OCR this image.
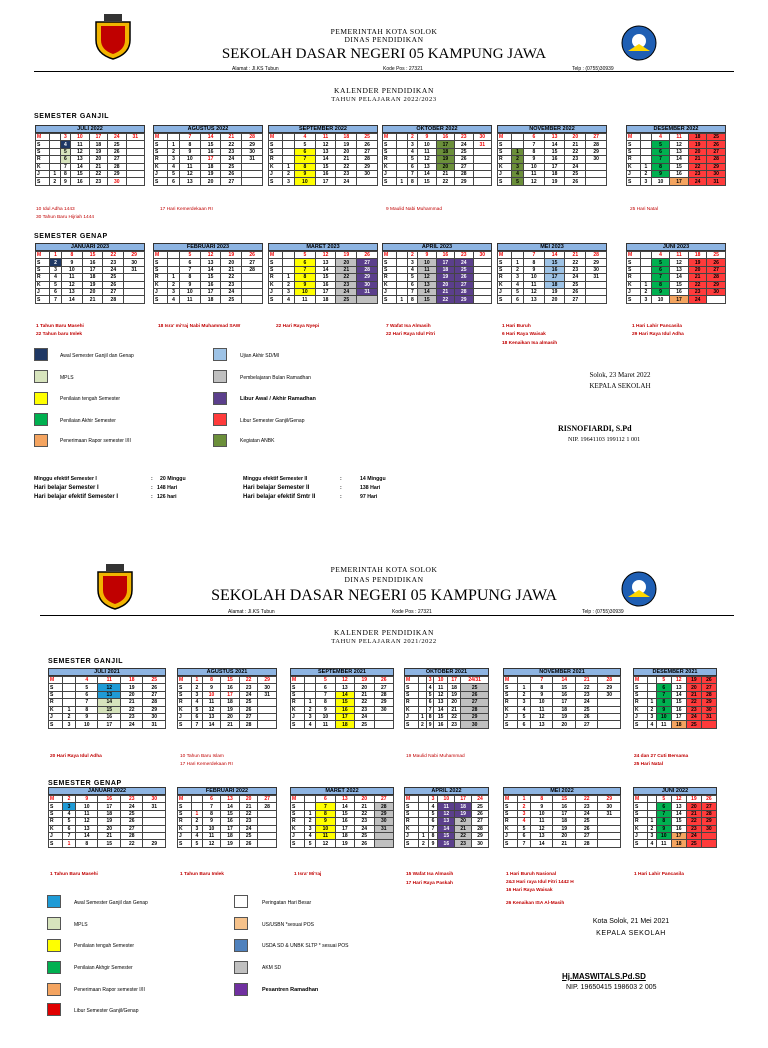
PEMERINTAH KOTA SOLOK
DINAS PENDIDIKAN
SEKOLAH DASAR NEGERI 05 KAMPUNG JAWA
Alamat : Jl.KS Tubun	Kode Pos : 27321	Telp : (0755)30939
KALENDER PENDIDIKAN
TAHUN PELAJARAN 2022/2023
SEMESTER GANJIL
JULI 2022
M		3	10	17	24	31
S		4	11	18	25	
S		5	12	19	26	
R		6	13	20	27	
K		7	14	21	28	
J	1	8	15	22	29	
S	2	9	16	23	30	
AGUSTUS 2022
M		7	14	21	28
S	1	8	15	22	29
S	2	9	16	23	30
R	3	10	17	24	31
K	4	11	18	25	
J	5	12	19	26	
S	6	13	20	27	
SEPTEMBER 2022
M		4	11	18	25
S		5	12	19	26
S		6	13	20	27
R		7	14	21	28
K	1	8	15	22	29
J	2	9	16	23	30
S	3	10	17	24	
OKTOBER 2022
M		2	9	16	23	30
S		3	10	17	24	31
S		4	11	18	25	
R		5	12	19	26	
K		6	13	20	27	
J		7	14	21	28	
S	1	8	15	22	29	
NOVEMBER 2022
M		6	13	20	27
S		7	14	21	28
S	1	8	15	22	29
R	2	9	16	23	30
K	3	10	17	24	
J	4	11	18	25	
S	5	12	19	26	
DESEMBER 2022
M		4	11	18	25
S		5	12	19	26
S		6	13	20	27
R		7	14	21	28
K	1	8	15	22	29
J	2	9	16	23	30
S	3	10	17	24	31
10 Idul Adha 1443
30 Tahun Baru Hijriah 1444
17 Hari Kemerdekaan RI	9 Maulid Nabi Muhammad	25 Hari Natal
SEMESTER GENAP
JANUARI 2023
M	1	8	15	22	29
S	2	9	16	23	30
S	3	10	17	24	31
R	4	11	18	25	
K	5	12	19	26	
J	6	13	20	27	
S	7	14	21	28	
FEBRUARI 2023
M		5	12	19	26
S		6	13	20	27
S		7	14	21	28
R	1	8	15	22	
K	2	9	16	23	
J	3	10	17	24	
S	4	11	18	25	
MARET 2023
M		5	12	19	26
S		6	13	20	27
S		7	14	21	28
R	1	8	15	22	29
K	2	9	16	23	30
J	3	10	17	24	31
S	4	11	18	25	
APRIL 2023
M		2	9	16	23	30
S		3	10	17	24	
S		4	11	18	25	
R		5	12	19	26	
K		6	13	20	27	
J		7	14	21	28	
S	1	8	15	22	29	
MEI 2023
M		7	14	21	28
S	1	8	15	22	29
S	2	9	16	23	30
R	3	10	17	24	31
K	4	11	18	25	
J	5	12	19	26	
S	6	13	20	27	
JUNI 2023
M		4	11	18	25
S		5	12	19	26
S		6	13	20	27
R		7	14	21	28
K	1	8	15	22	29
J	2	9	16	23	30
S	3	10	17	24	
1 Tahun Baru Masehi
22 Tahun baru Imlek
18 Isra' mi'raj Nabi Muhammad SAW	22 Hari Raya Nyepi	7 Wafat Isa Almasih
22 Hari Raya Idul Fitri
1 Hari Buruh
6 Hari Raya Waisak
18 Kenaikan Isa almasih
1 Hari Lahir Pancasila
29 Hari Raya Idul Adha
Awal Semester Ganjil dan Genap
MPLS
Penilaian tengah Semester
Penilaian Akhir Semester
Penerimaan Rapor semester I/II
Ujian Akhir SD/MI
Pembelajaran Bulan Ramadhan
Libur Awal / Akhir Ramadhan
Libur Semester Ganjil/Genap
Kegiatan ANBK
Solok, 23 Maret 2022
KEPALA SEKOLAH
RISNOFIARDI, S.Pd
NIP. 19641103 199112 1 001
Minggu efektif Semester I	: 20 Minggu
Hari belajar Semester I	: 148 Hari
Hari belajar efektif Semester I	: 126 hari
Minggu efektif Semester II	:	14 Minggu
Hari belajar Semester II	:	138 Hari
Hari belajar efektif Smtr II	:	97 Hari
PEMERINTAH KOTA SOLOK
DINAS PENDIDIKAN
SEKOLAH DASAR NEGERI 05 KAMPUNG JAWA
Alamat : Jl.KS Tubun	Kode Pos : 27321	Telp : (0755)30939
KALENDER PENDIDIKAN
TAHUN PELAJARAN 2021/2022
SEMESTER GANJIL
JULI 2021
M		4	11	18	25
S		5	12	19	26
S		6	13	20	27
R		7	14	21	28
K	1	8	15	22	29
J	2	9	16	23	30
S	3	10	17	24	31
AGUSTUS 2021
M	1	8	15	22	29
S	2	9	16	23	30
S	3	10	17	24	31
R	4	11	18	25	
K	5	12	19	26	
J	6	13	20	27	
S	7	14	21	28	
SEPTEMBER 2021
M		5	12	19	26
S		6	13	20	27
S		7	14	21	28
R	1	8	15	22	29
K	2	9	16	23	30
J	3	10	17	24	
S	4	11	18	25	
OKTOBER 2021
M		3	10	17	24/31
S		4	11	18	25
S		5	12	19	26
R		6	13	20	27
K		7	14	21	28
J	1	8	15	22	29
S	2	9	16	23	30
NOVEMBER 2021
M		7	14	21	28
S	1	8	15	22	29
S	2	9	16	23	30
R	3	10	17	24	
K	4	11	18	25	
J	5	12	19	26	
S	6	13	20	27	
DESEMBER 2021
M		5	12	19	26
S		6	13	20	27
S		7	14	21	28
R	1	8	15	22	29
K	2	9	16	23	30
J	3	10	17	24	31
S	4	11	18	25	
20 Hari Raya Idul Adha	10 Tahun Baru Islam
17 Hari Kemerdekaan RI
19 Maulid Nabi Muhammad	24 dan 27 Cuti Bersama
25 Hari Natal
SEMESTER GENAP
JANUARI 2022
M	2	9	16	23	30
S	3	10	17	24	31
S	4	11	18	25	
R	5	12	19	26	
K	6	13	20	27	
J	7	14	21	28	
S	1	8	15	22	29
FEBRUARI 2022
M		6	13	20	27
S		7	14	21	28
S	1	8	15	22	
R	2	9	16	23	
K	3	10	17	24	
J	4	11	18	25	
S	5	12	19	26	
MARET 2022
M		6	13	20	27
S		7	14	21	28
S	1	8	15	22	29
R	2	9	16	23	30
K	3	10	17	24	31
J	4	11	18	25	
S	5	12	19	26	
APRIL 2022
M		3	10	17	24
S		4	11	18	25
S		5	12	19	26
R		6	13	20	27
K		7	14	21	28
J	1	8	15	22	29
S	2	9	16	23	30
MEI 2022
M	1	8	15	22	29
S	2	9	16	23	30
S	3	10	17	24	31
R	4	11	18	25	
K	5	12	19	26	
J	6	13	20	27	
S	7	14	21	28	
JUNI 2022
M		5	12	19	26
S		6	13	20	27
S		7	14	21	28
R	1	8	15	22	29
K	2	9	16	23	30
J	3	10	17	24	
S	4	11	18	25	
1 Tahun Baru Masehi	1 Tahun Baru Imlek	1 Isra' Mi'raj	15 Wafat Isa Almasih
17 Hari Raya Paskah
1 Hari Buruh Nasional
2&3 Hari raya Idul Fitri 1442 H
16 Hari Raya Waisak
26 Kenaikan ISA Al-Masih
1 Hari Lahir Pancasila
Awal Semester Ganjil dan Genap
MPLS
Penilaian tengah Semester
Penilaian Akhgir Semester
Penerimaan Rapor semester I/II
Libur Semester Ganjil/Genap
Peringatan Hari Besar
US/USBN *sesuai POS
USDA SD & UNBK SLTP * sesuai POS
AKM SD
Pesantren Ramadhan
Kota Solok, 21 Mei 2021
KEPALA SEKOLAH
Hj.MASWITALS.Pd.SD
NIP. 19650415 198603 2 005
